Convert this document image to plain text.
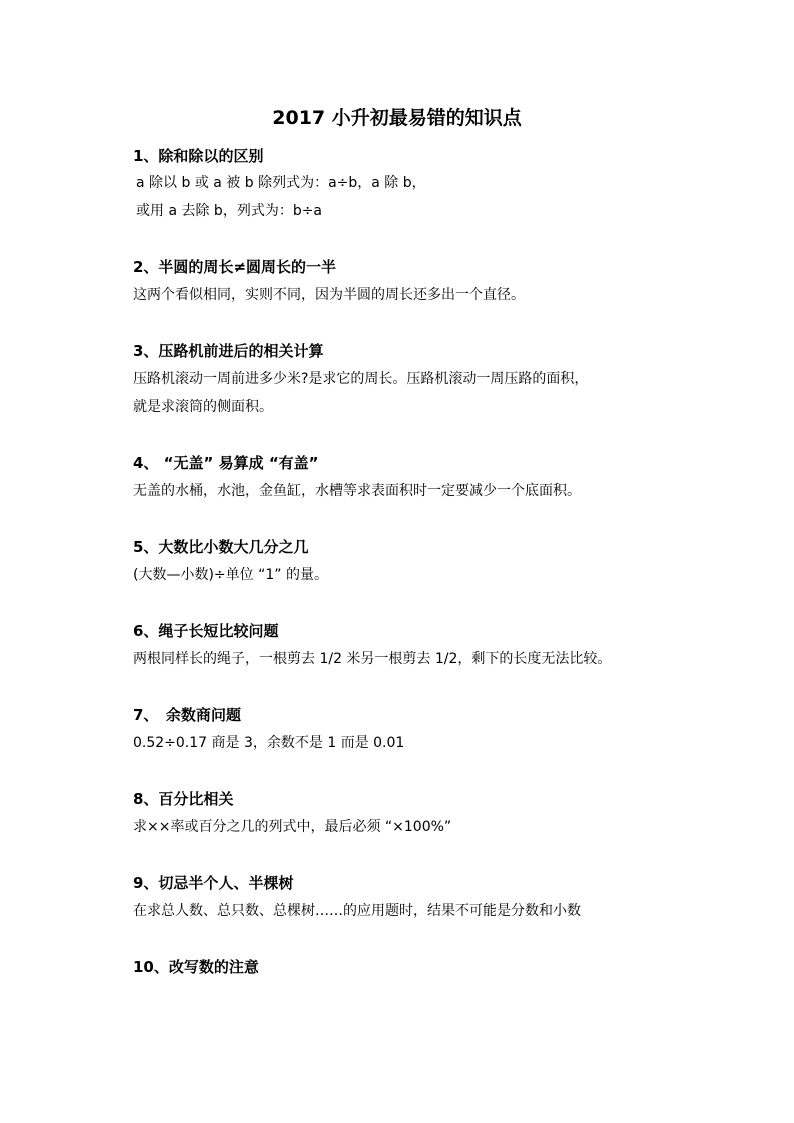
2017 小升初最易错的知识点
1、除和除以的区别
a 除以 b 或 a 被 b 除列式为：a÷b，a 除 b，
或用 a 去除 b，列式为：b÷a
2、半圆的周长≠圆周长的一半
这两个看似相同，实则不同，因为半圆的周长还多出一个直径。
3、压路机前进后的相关计算
压路机滚动一周前进多少米?是求它的周长。压路机滚动一周压路的面积，
就是求滚筒的侧面积。
4、 “无盖” 易算成 “有盖”
无盖的水桶，水池，金鱼缸，水槽等求表面积时一定要减少一个底面积。
5、大数比小数大几分之几
(大数—小数)÷单位 “1” 的量。
6、绳子长短比较问题
两根同样长的绳子，一根剪去 1/2 米另一根剪去 1/2，剩下的长度无法比较。
7、　余数商问题
0.52÷0.17 商是 3，余数不是 1 而是 0.01
8、百分比相关
求××率或百分之几的列式中，最后必须 “×100%”
9、切忌半个人、半棵树
在求总人数、总只数、总棵树……的应用题时，结果不可能是分数和小数
10、改写数的注意
